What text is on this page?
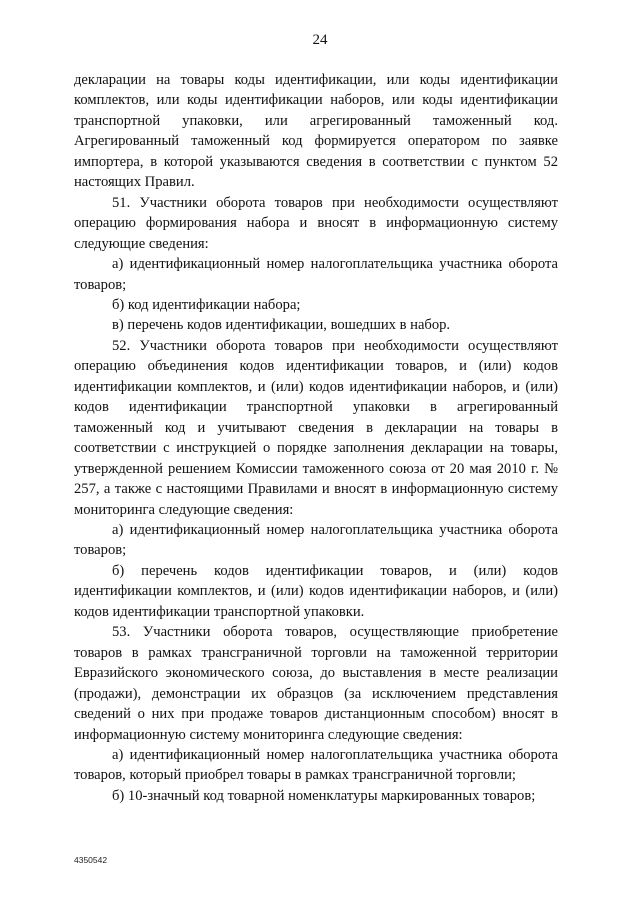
24

декларации на товары коды идентификации, или коды идентификации комплектов, или коды идентификации наборов, или коды идентификации транспортной упаковки, или агрегированный таможенный код. Агрегированный таможенный код формируется оператором по заявке импортера, в которой указываются сведения в соответствии с пунктом 52 настоящих Правил.

51. Участники оборота товаров при необходимости осуществляют операцию формирования набора и вносят в информационную систему следующие сведения:

а) идентификационный номер налогоплательщика участника оборота товаров;

б) код идентификации набора;

в) перечень кодов идентификации, вошедших в набор.

52. Участники оборота товаров при необходимости осуществляют операцию объединения кодов идентификации товаров, и (или) кодов идентификации комплектов, и (или) кодов идентификации наборов, и (или) кодов идентификации транспортной упаковки в агрегированный таможенный код и учитывают сведения в декларации на товары в соответствии с инструкцией о порядке заполнения декларации на товары, утвержденной решением Комиссии таможенного союза от 20 мая 2010 г. № 257, а также с настоящими Правилами и вносят в информационную систему мониторинга следующие сведения:

а) идентификационный номер налогоплательщика участника оборота товаров;

б) перечень кодов идентификации товаров, и (или) кодов идентификации комплектов, и (или) кодов идентификации наборов, и (или) кодов идентификации транспортной упаковки.

53. Участники оборота товаров, осуществляющие приобретение товаров в рамках трансграничной торговли на таможенной территории Евразийского экономического союза, до выставления в месте реализации (продажи), демонстрации их образцов (за исключением представления сведений о них при продаже товаров дистанционным способом) вносят в информационную систему мониторинга следующие сведения:

а) идентификационный номер налогоплательщика участника оборота товаров, который приобрел товары в рамках трансграничной торговли;

б) 10-значный код товарной номенклатуры маркированных товаров;

4350542
